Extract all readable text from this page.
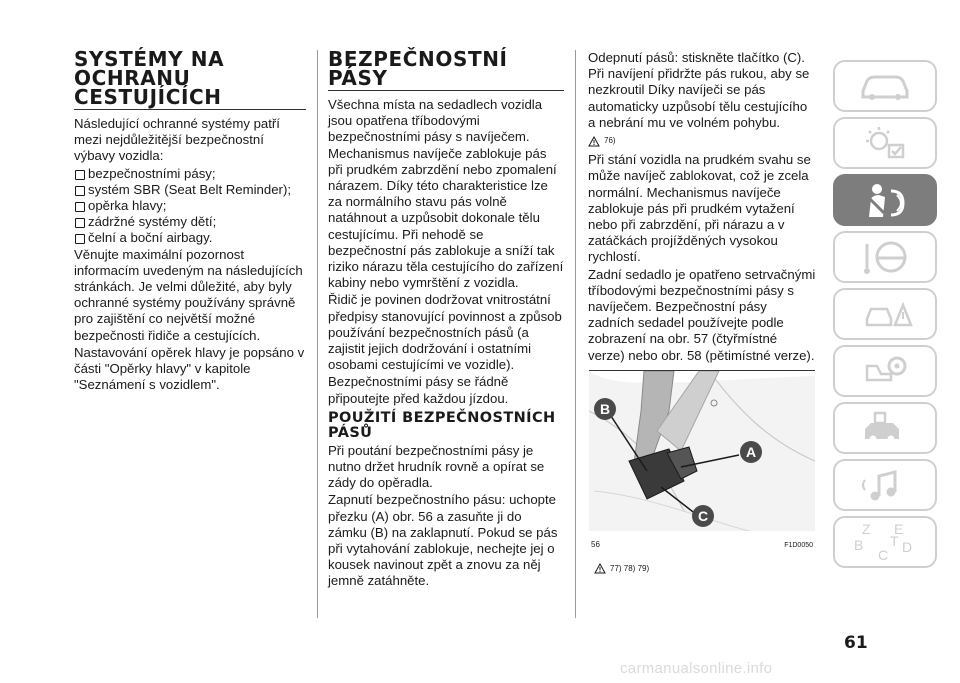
SYSTÉMY NA OCHRANU CESTUJÍCÍCH

Následující ochranné systémy patří mezi nejdůležitější bezpečnostní výbavy vozidla:

bezpečnostními pásy;
systém SBR (Seat Belt Reminder);
opěrka hlavy;
zádržné systémy dětí;
čelní a boční airbagy.

Věnujte maximální pozornost informacím uvedeným na následujících stránkách. Je velmi důležité, aby byly ochranné systémy používány správně pro zajištění co největší možné bezpečnosti řidiče a cestujících.

Nastavování opěrek hlavy je popsáno v části "Opěrky hlavy" v kapitole "Seznámení s vozidlem".

BEZPEČNOSTNÍ PÁSY

Všechna místa na sedadlech vozidla jsou opatřena tříbodovými bezpečnostními pásy s navíječem. Mechanismus navíječe zablokuje pás při prudkém zabrzdění nebo zpomalení nárazem. Díky této charakteristice lze za normálního stavu pás volně natáhnout a uzpůsobit dokonale tělu cestujícímu. Při nehodě se bezpečnostní pás zablokuje a sníží tak riziko nárazu těla cestujícího do zařízení kabiny nebo vymrštění z vozidla.

Řidič je povinen dodržovat vnitrostátní předpisy stanovující povinnost a způsob používání bezpečnostních pásů (a zajistit jejich dodržování i ostatními osobami cestujícími ve vozidle).

Bezpečnostními pásy se řádně připoutejte před každou jízdou.

POUŽITÍ BEZPEČNOSTNÍCH PÁSŮ

Při poutání bezpečnostními pásy je nutno držet hrudník rovně a opírat se zády do opěradla.

Zapnutí bezpečnostního pásu: uchopte přezku (A) obr. 56 a zasuňte ji do zámku (B) na zaklapnutí. Pokud se pás při vytahování zablokuje, nechejte jej o kousek navinout zpět a znovu za něj jemně zatáhněte.

Odepnutí pásů: stiskněte tlačítko (C). Při navíjení přidržte pás rukou, aby se nezkroutil Díky navíječi se pás automaticky uzpůsobí tělu cestujícího a nebrání mu ve volném pohybu.

76)

Při stání vozidla na prudkém svahu se může navíječ zablokovat, což je zcela normální. Mechanismus navíječe zablokuje pás při prudkém vytažení nebo při zabrzdění, při nárazu a v zatáčkách projížděných vysokou rychlostí.

Zadní sedadlo je opatřeno setrvačnými tříbodovými bezpečnostními pásy s navíječem. Bezpečnostní pásy zadních sedadel používejte podle zobrazení na obr. 57 (čtyřmístné verze) nebo obr. 58 (pětimístné verze).

B
A
C
56	F1D0050
77) 78) 79)
Z E
B
C D
T
61
carmanualsonline.info
